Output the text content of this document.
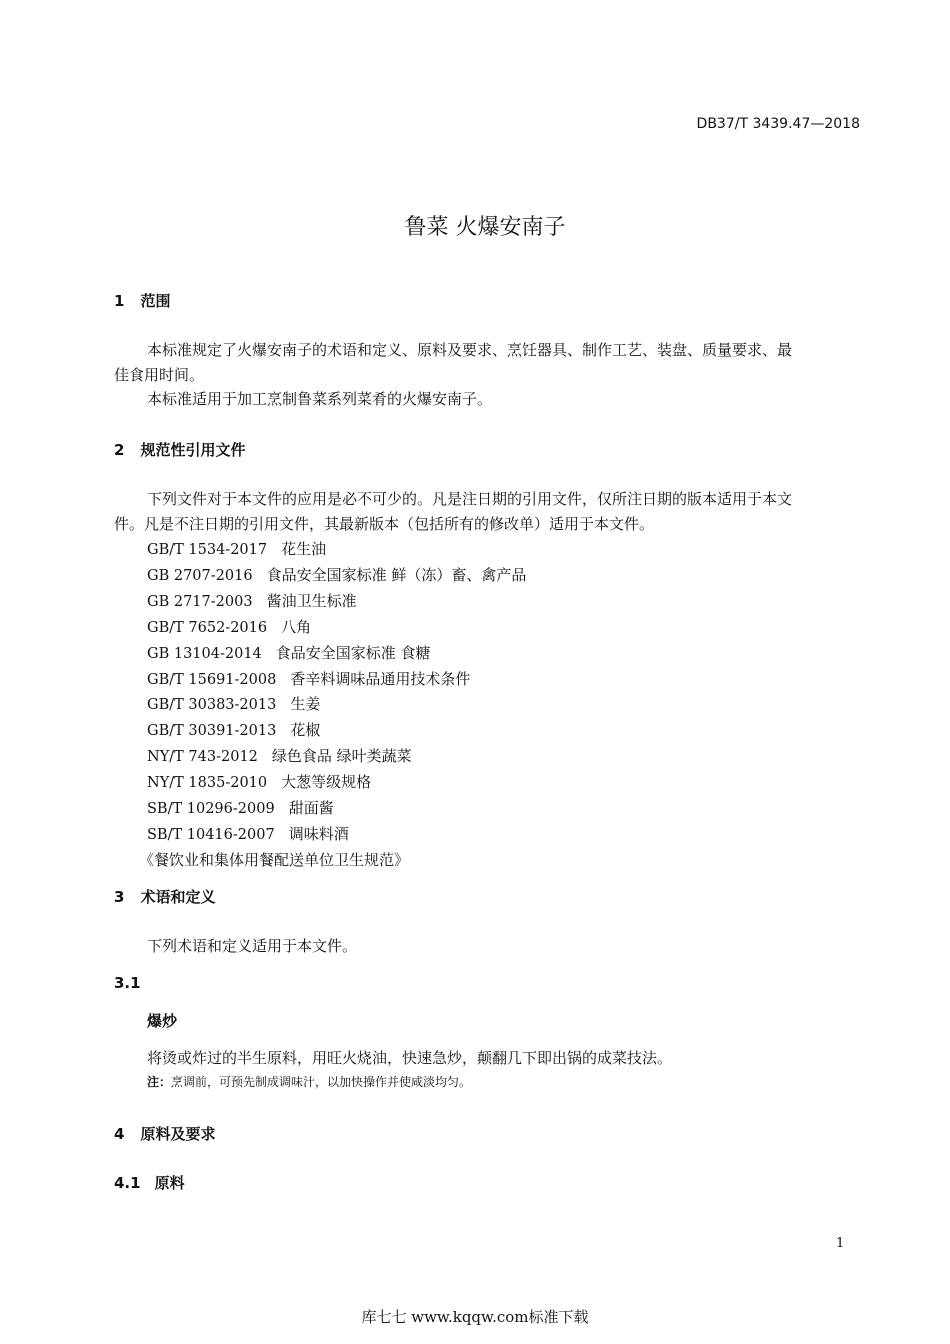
DB37/T 3439.47—2018
鲁菜 火爆安南子
1 范围
本标准规定了火爆安南子的术语和定义、原料及要求、烹饪器具、制作工艺、装盘、质量要求、最
佳食用时间。
本标准适用于加工烹制鲁菜系列菜肴的火爆安南子。
2 规范性引用文件
下列文件对于本文件的应用是必不可少的。凡是注日期的引用文件，仅所注日期的版本适用于本文
件。凡是不注日期的引用文件，其最新版本（包括所有的修改单）适用于本文件。
GB/T 1534-2017 花生油
GB 2707-2016 食品安全国家标准 鲜（冻）畜、禽产品
GB 2717-2003 酱油卫生标准
GB/T 7652-2016 八角
GB 13104-2014 食品安全国家标准 食糖
GB/T 15691-2008 香辛料调味品通用技术条件
GB/T 30383-2013 生姜
GB/T 30391-2013 花椒
NY/T 743-2012 绿色食品 绿叶类蔬菜
NY/T 1835-2010 大葱等级规格
SB/T 10296-2009 甜面酱
SB/T 10416-2007 调味料酒
《餐饮业和集体用餐配送单位卫生规范》
3 术语和定义
下列术语和定义适用于本文件。
3.1
爆炒
将烫或炸过的半生原料，用旺火烧油，快速急炒，颠翻几下即出锅的成菜技法。
注：烹调前，可预先制成调味汁，以加快操作并使咸淡均匀。
4 原料及要求
4.1 原料
1
库七七 www.kqqw.com标准下载
